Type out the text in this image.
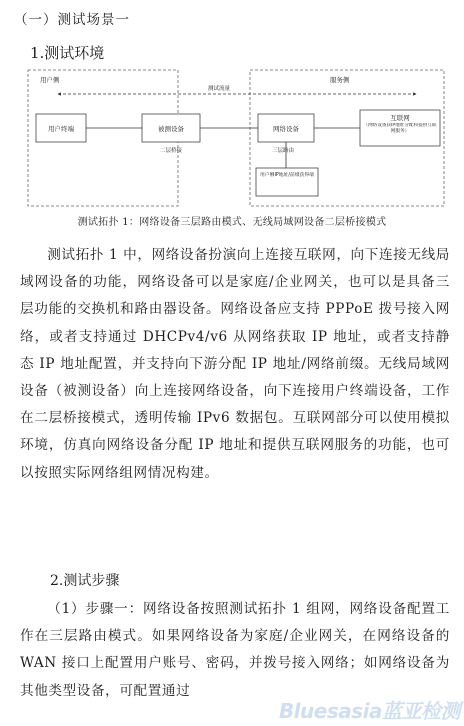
（一）测试场景一
1.测试环境
用户侧	服务侧
测试流量
用户终端	被测设备	网络设备
互联网
（网络设备获IP地址分配和提供互联网服务）
二层桥接	三层路由
用户侧IP地址/前缀获得端
测试拓扑 1：网络设备三层路由模式、无线局域网设备二层桥接模式
测试拓扑 1 中，网络设备扮演向上连接互联网，向下连接无线局域网设备的功能，网络设备可以是家庭/企业网关，也可以是具备三层功能的交换机和路由器设备。网络设备应支持 PPPoE 拨号接入网络，或者支持通过 DHCPv4/v6 从网络获取 IP 地址，或者支持静态 IP 地址配置，并支持向下游分配 IP 地址/网络前缀。无线局域网设备（被测设备）向上连接网络设备，向下连接用户终端设备，工作在二层桥接模式，透明传输 IPv6 数据包。互联网部分可以使用模拟环境，仿真向网络设备分配 IP 地址和提供互联网服务的功能，也可以按照实际网络组网情况构建。
2.测试步骤
（1）步骤一：网络设备按照测试拓扑 1 组网，网络设备配置工作在三层路由模式。如果网络设备为家庭/企业网关，在网络设备的 WAN 接口上配置用户账号、密码，并拨号接入网络；如网络设备为其他类型设备，可配置通过
Bluesasia蓝亚检测
